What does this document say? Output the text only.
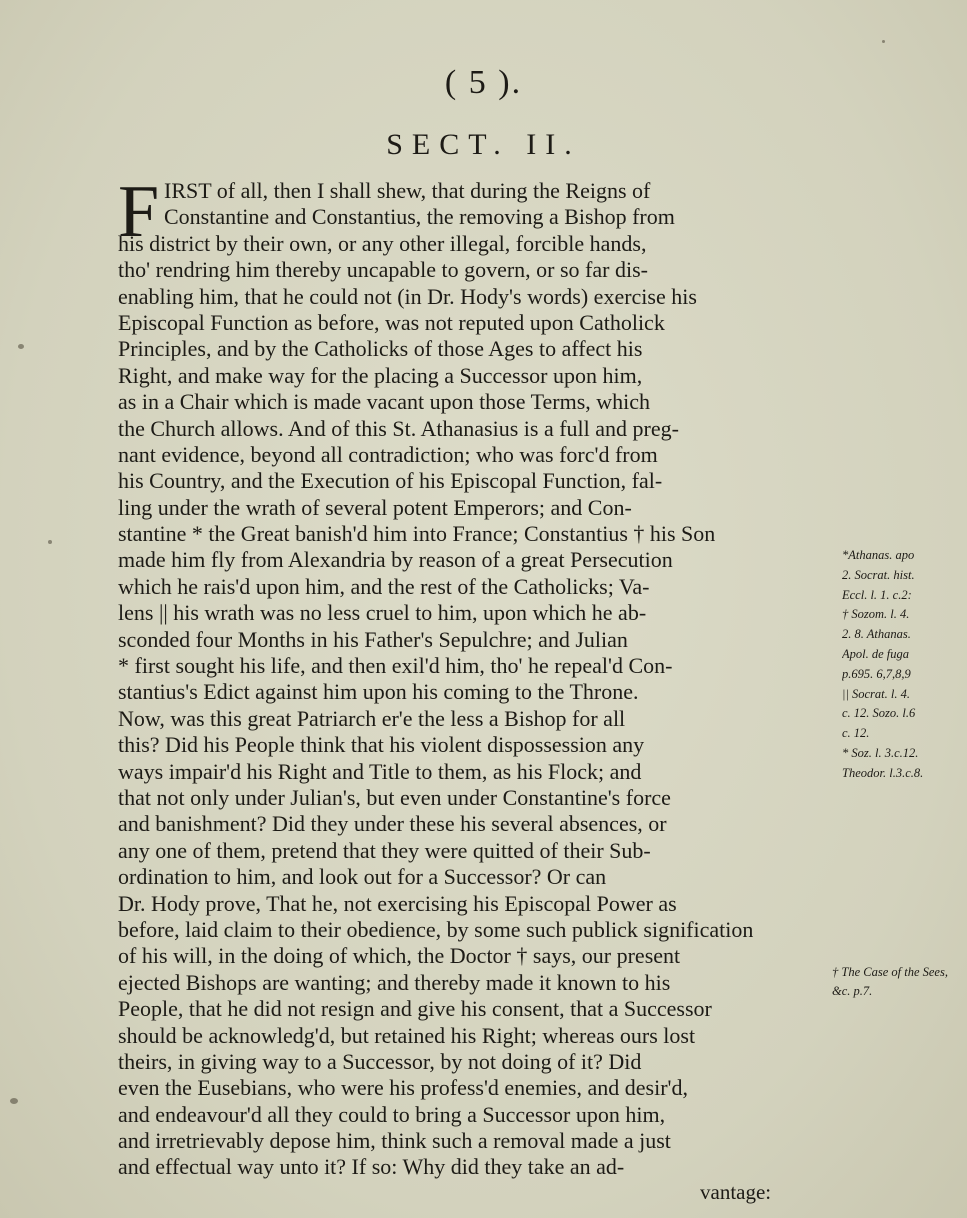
( 5 ).
SECT. II.
F IRST of all, then I shall shew, that during the Reigns of
Constantine and Constantius, the removing a Bishop from
his district by their own, or any other illegal, forcible hands,
tho' rendring him thereby uncapable to govern, or so far dis-
enabling him, that he could not (in Dr. Hody's words) exercise his
Episcopal Function as before, was not reputed upon Catholick
Principles, and by the Catholicks of those Ages to affect his
Right, and make way for the placing a Successor upon him,
as in a Chair which is made vacant upon those Terms, which
the Church allows. And of this St. Athanasius is a full and preg-
nant evidence, beyond all contradiction; who was forc'd from
his Country, and the Execution of his Episcopal Function, fal-
ling under the wrath of several potent Emperors; and Con-
stantine * the Great banish'd him into France; Constantius † his Son
made him fly from Alexandria by reason of a great Persecution
which he rais'd upon him, and the rest of the Catholicks; Va-
lens || his wrath was no less cruel to him, upon which he ab-
sconded four Months in his Father's Sepulchre; and Julian
* first sought his life, and then exil'd him, tho' he repeal'd Con-
stantius's Edict against him upon his coming to the Throne.
Now, was this great Patriarch er'e the less a Bishop for all
this? Did his People think that his violent dispossession any
ways impair'd his Right and Title to them, as his Flock; and
that not only under Julian's, but even under Constantine's force
and banishment? Did they under these his several absences, or
any one of them, pretend that they were quitted of their Sub-
ordination to him, and look out for a Successor? Or can
Dr. Hody prove, That he, not exercising his Episcopal Power as
before, laid claim to their obedience, by some such publick signification
of his will, in the doing of which, the Doctor † says, our present
ejected Bishops are wanting; and thereby made it known to his
People, that he did not resign and give his consent, that a Successor
should be acknowledg'd, but retained his Right; whereas ours lost
theirs, in giving way to a Successor, by not doing of it? Did
even the Eusebians, who were his profess'd enemies, and desir'd,
and endeavour'd all they could to bring a Successor upon him,
and irretrievably depose him, think such a removal made a just
and effectual way unto it? If so: Why did they take an ad-
*Athanas. apo
2. Socrat. hist.
Eccl. l. 1. c.2:
† Sozom. l. 4.
2. 8. Athanas.
Apol. de fuga
p.695. 6,7,8,9
|| Socrat. l. 4.
c. 12. Sozo. l.6
c. 12.
* Soz. l. 3.c.12.
Theodor. l.3.c.8.
† The Case of the Sees, &c. p.7.
vantage:
